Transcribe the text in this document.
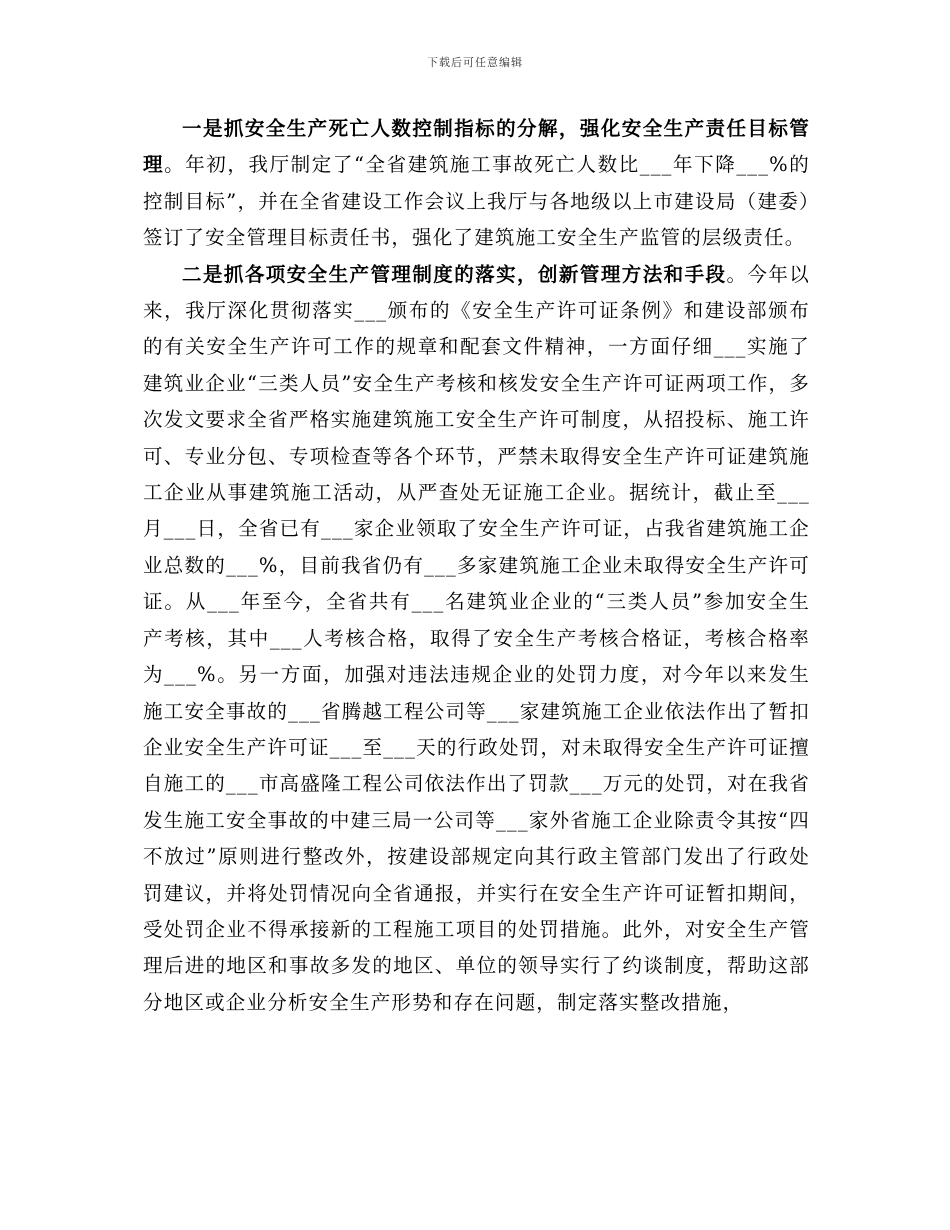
下载后可任意编辑

一是抓安全生产死亡人数控制指标的分解，强化安全生产责任目标管理。年初，我厅制定了“全省建筑施工事故死亡人数比___年下降___%的控制目标”，并在全省建设工作会议上我厅与各地级以上市建设局（建委）签订了安全管理目标责任书，强化了建筑施工安全生产监管的层级责任。

二是抓各项安全生产管理制度的落实，创新管理方法和手段。今年以来，我厅深化贯彻落实___颁布的《安全生产许可证条例》和建设部颁布的有关安全生产许可工作的规章和配套文件精神，一方面仔细___实施了建筑业企业“三类人员”安全生产考核和核发安全生产许可证两项工作，多次发文要求全省严格实施建筑施工安全生产许可制度，从招投标、施工许可、专业分包、专项检查等各个环节，严禁未取得安全生产许可证建筑施工企业从事建筑施工活动，从严查处无证施工企业。据统计，截止至___月___日，全省已有___家企业领取了安全生产许可证，占我省建筑施工企业总数的___%，目前我省仍有___多家建筑施工企业未取得安全生产许可证。从___年至今，全省共有___名建筑业企业的“三类人员”参加安全生产考核，其中___人考核合格，取得了安全生产考核合格证，考核合格率为___%。另一方面，加强对违法违规企业的处罚力度，对今年以来发生施工安全事故的___省腾越工程公司等___家建筑施工企业依法作出了暂扣企业安全生产许可证___至___天的行政处罚，对未取得安全生产许可证擅自施工的___市高盛隆工程公司依法作出了罚款___万元的处罚，对在我省发生施工安全事故的中建三局一公司等___家外省施工企业除责令其按“四不放过”原则进行整改外，按建设部规定向其行政主管部门发出了行政处罚建议，并将处罚情况向全省通报，并实行在安全生产许可证暂扣期间，受处罚企业不得承接新的工程施工项目的处罚措施。此外，对安全生产管理后进的地区和事故多发的地区、单位的领导实行了约谈制度，帮助这部分地区或企业分析安全生产形势和存在问题，制定落实整改措施，
